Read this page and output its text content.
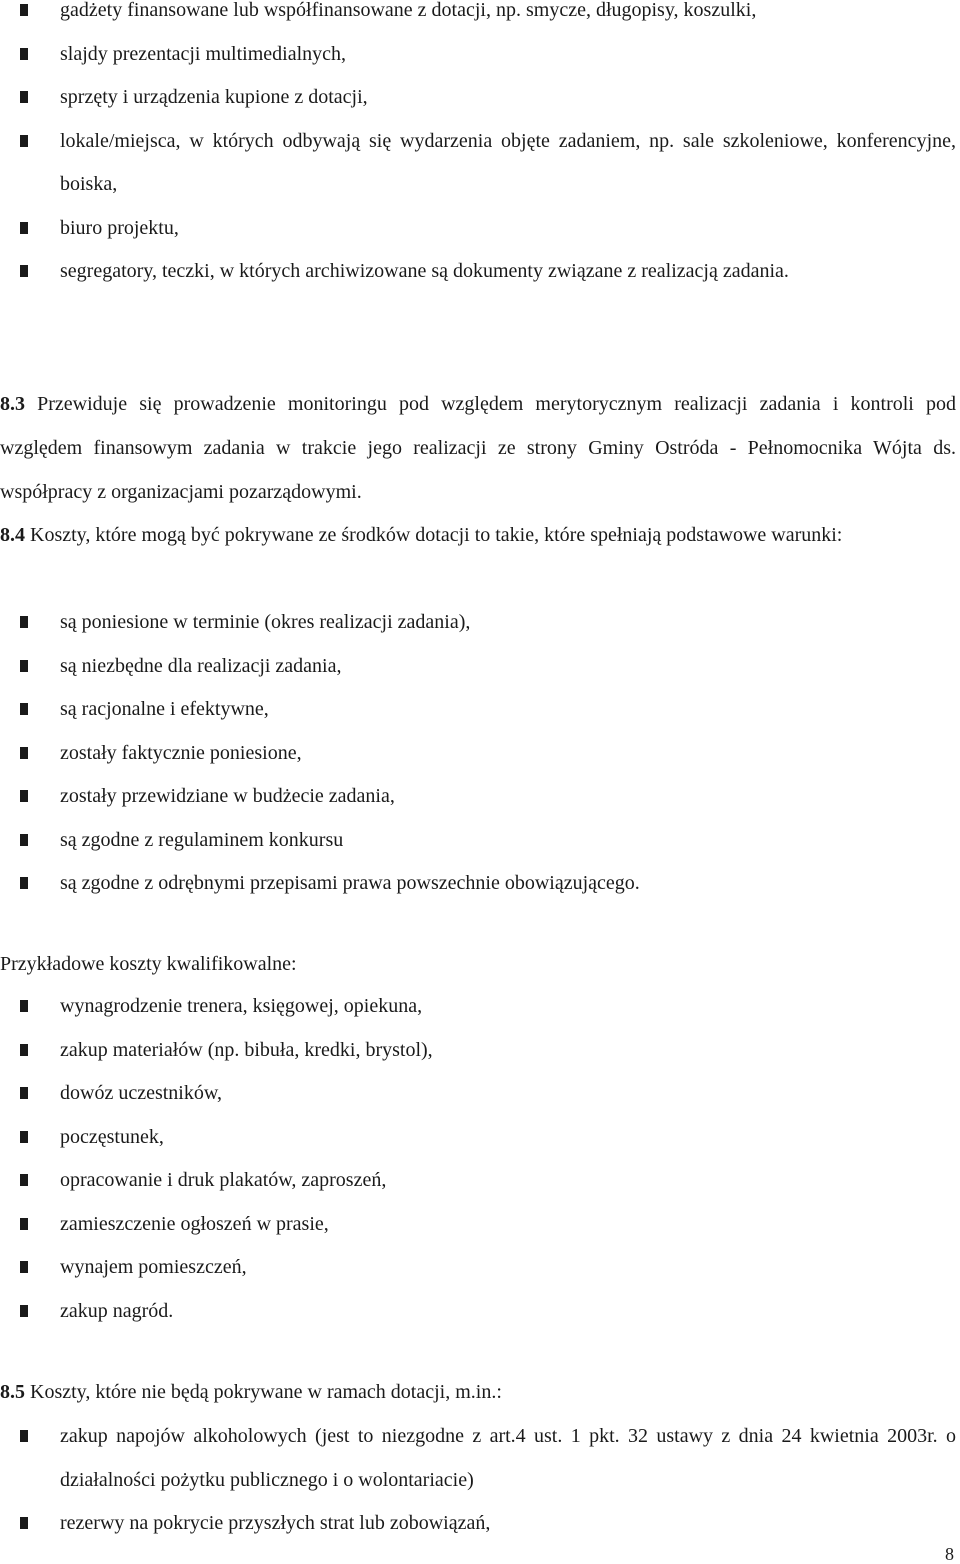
gadżety finansowane lub współfinansowane z dotacji, np. smycze, długopisy, koszulki,
slajdy prezentacji multimedialnych,
sprzęty i urządzenia kupione z dotacji,
lokale/miejsca, w których odbywają się wydarzenia objęte zadaniem, np. sale szkoleniowe, konferencyjne, boiska,
biuro projektu,
segregatory, teczki, w których archiwizowane są dokumenty związane z realizacją zadania.

8.3 Przewiduje się prowadzenie monitoringu pod względem merytorycznym realizacji zadania i kontroli pod względem finansowym zadania w trakcie jego realizacji ze strony Gminy Ostróda - Pełnomocnika Wójta ds. współpracy z organizacjami pozarządowymi.

8.4 Koszty, które mogą być pokrywane ze środków dotacji to takie, które spełniają podstawowe warunki:

są poniesione w terminie (okres realizacji zadania),
są niezbędne dla realizacji zadania,
są racjonalne i efektywne,
zostały faktycznie poniesione,
zostały przewidziane w budżecie zadania,
są zgodne z regulaminem konkursu
są zgodne z odrębnymi przepisami prawa powszechnie obowiązującego.

Przykładowe koszty kwalifikowalne:

wynagrodzenie trenera, księgowej, opiekuna,
zakup materiałów (np. bibuła, kredki, brystol),
dowóz uczestników,
poczęstunek,
opracowanie i druk plakatów, zaproszeń,
zamieszczenie ogłoszeń w prasie,
wynajem pomieszczeń,
zakup nagród.

8.5 Koszty, które nie będą pokrywane w ramach dotacji, m.in.:

zakup napojów alkoholowych (jest to niezgodne z art.4 ust. 1 pkt. 32 ustawy z dnia 24 kwietnia 2003r. o działalności pożytku publicznego i o wolontariacie)
rezerwy na pokrycie przyszłych strat lub zobowiązań,
8
